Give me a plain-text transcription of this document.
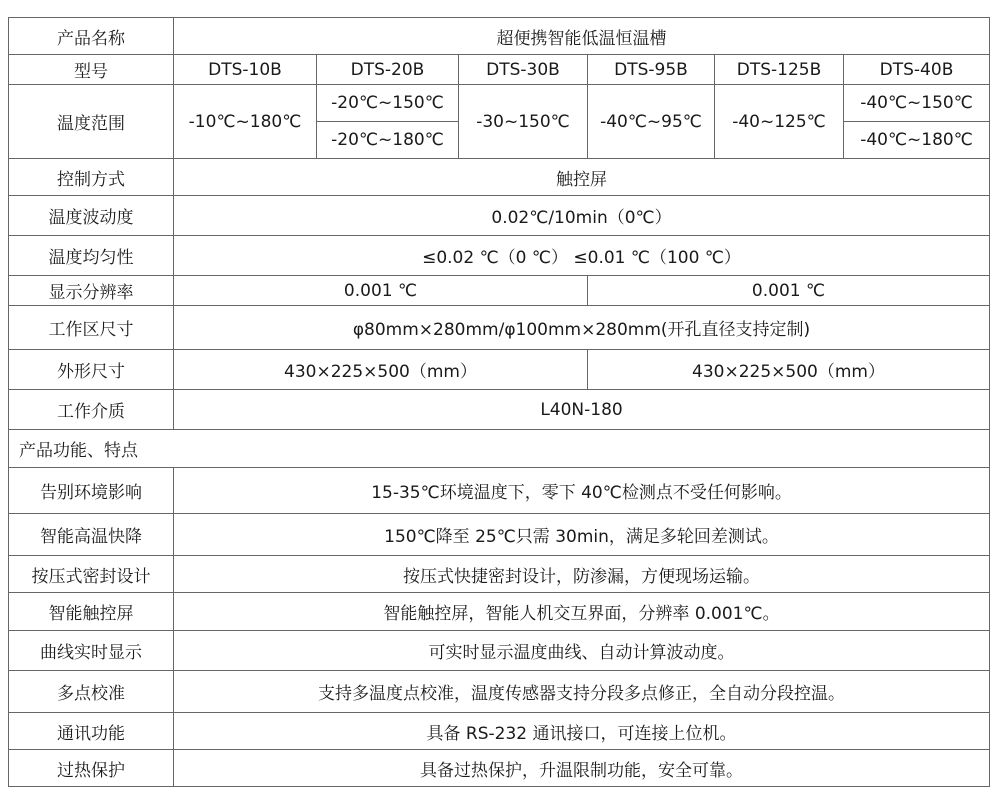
产品名称	超便携智能低温恒温槽					
型号	DTS-10B	DTS-20B	DTS-30B	DTS-95B	DTS-125B	DTS-40B
温度范围	-10℃~180℃	-20℃~150℃	-30~150℃	-40℃~95℃	-40~125℃	-40℃~150℃
		-20℃~180℃				-40℃~180℃
控制方式	触控屏					
温度波动度	0.02℃/10min（0℃）					
温度均匀性	≤0.02 ℃（0 ℃） ≤0.01 ℃（100 ℃）					
显示分辨率	0.001 ℃			0.001 ℃		
工作区尺寸	φ80mm×280mm/φ100mm×280mm(开孔直径支持定制)					
外形尺寸	430×225×500（mm）			430×225×500（mm）		
工作介质	L40N-180					
产品功能、特点						
告别环境影响	15-35℃环境温度下，零下 40℃检测点不受任何影响。					
智能高温快降	150℃降至 25℃只需 30min，满足多轮回差测试。					
按压式密封设计	按压式快捷密封设计，防渗漏，方便现场运输。					
智能触控屏	智能触控屏，智能人机交互界面，分辨率 0.001℃。					
曲线实时显示	可实时显示温度曲线、自动计算波动度。					
多点校准	支持多温度点校准，温度传感器支持分段多点修正，全自动分段控温。					
通讯功能	具备 RS-232 通讯接口，可连接上位机。					
过热保护	具备过热保护，升温限制功能，安全可靠。					
